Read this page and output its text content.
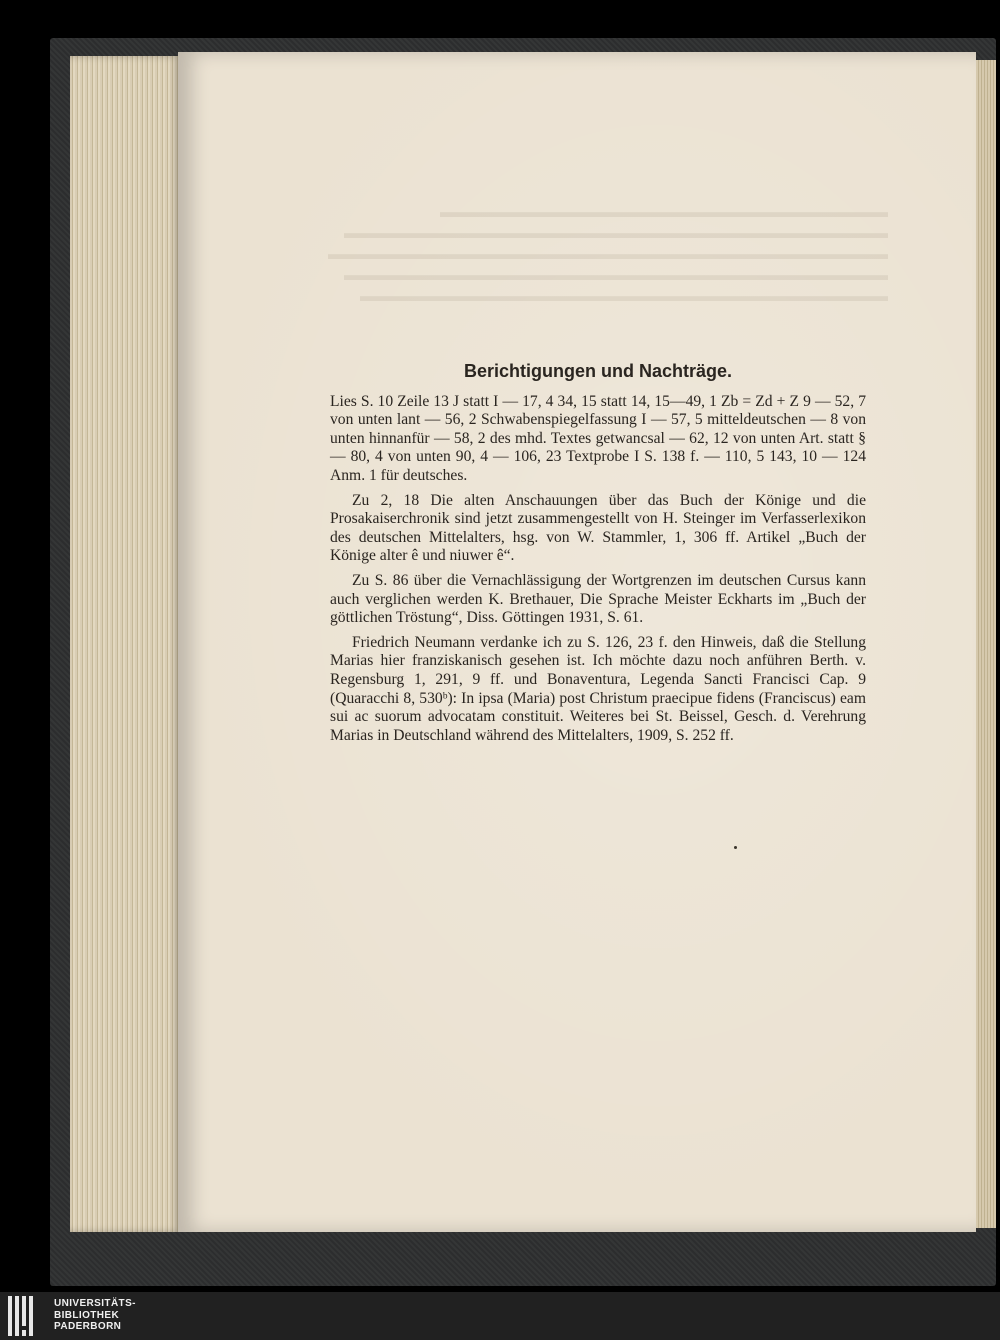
▬▬▬▬▬▬▬▬▬▬▬▬▬▬▬▬▬▬▬▬▬▬▬▬▬▬▬▬
▬▬▬▬▬▬▬▬▬▬▬▬▬▬▬▬▬▬▬▬▬▬▬▬▬▬▬▬▬▬▬▬▬▬
▬▬▬▬▬▬▬▬▬▬▬▬▬▬▬▬▬▬▬▬▬▬▬▬▬▬▬▬▬▬▬▬▬▬▬
▬▬▬▬▬▬▬▬▬▬▬▬▬▬▬▬▬▬▬▬▬▬▬▬▬▬▬▬▬▬▬▬▬▬
▬▬▬▬▬▬▬▬▬▬▬▬▬▬▬▬▬▬▬▬▬▬▬▬▬▬▬▬▬▬▬▬▬
Berichtigungen und Nachträge.

Lies S. 10 Zeile 13 J statt I — 17, 4 34, 15 statt 14, 15—49, 1 Zb = Zd + Z 9 — 52, 7 von unten lant — 56, 2 Schwabenspiegelfassung I — 57, 5 mitteldeutschen — 8 von unten hinnanfür — 58, 2 des mhd. Textes getwancsal — 62, 12 von unten Art. statt § — 80, 4 von unten 90, 4 — 106, 23 Textprobe I S. 138 f. — 110, 5 143, 10 — 124 Anm. 1 für deutsches.

Zu 2, 18 Die alten Anschauungen über das Buch der Könige und die Prosakaiserchronik sind jetzt zusammengestellt von H. Steinger im Verfasserlexikon des deutschen Mittelalters, hsg. von W. Stammler, 1, 306 ff. Artikel „Buch der Könige alter ê und niuwer ê“.

Zu S. 86 über die Vernachlässigung der Wortgrenzen im deutschen Cursus kann auch verglichen werden K. Brethauer, Die Sprache Meister Eckharts im „Buch der göttlichen Tröstung“, Diss. Göttingen 1931, S. 61.

Friedrich Neumann verdanke ich zu S. 126, 23 f. den Hinweis, daß die Stellung Marias hier franziskanisch gesehen ist. Ich möchte dazu noch anführen Berth. v. Regensburg 1, 291, 9 ff. und Bonaventura, Legenda Sancti Francisci Cap. 9 (Quaracchi 8, 530ᵇ): In ipsa (Maria) post Christum praecipue fidens (Franciscus) eam sui ac suorum advocatam constituit. Weiteres bei St. Beissel, Gesch. d. Verehrung Marias in Deutschland während des Mittelalters, 1909, S. 252 ff.

UNIVERSITÄTS-
BIBLIOTHEK
PADERBORN
